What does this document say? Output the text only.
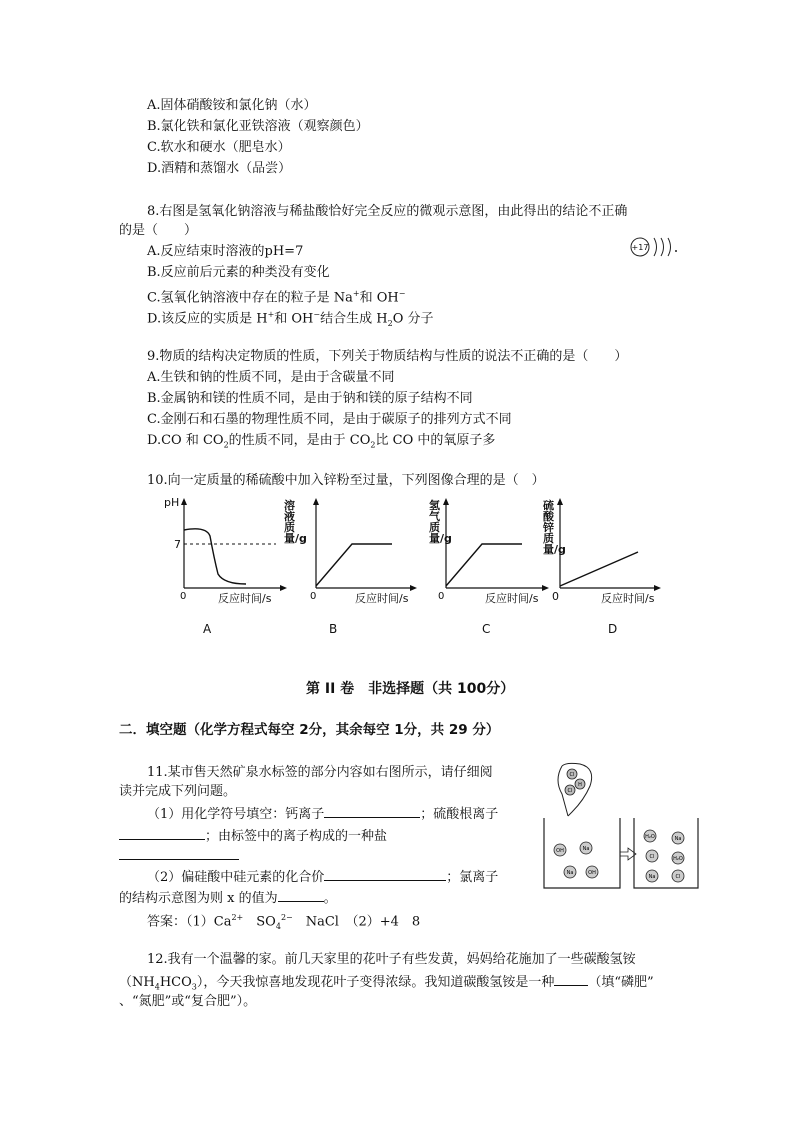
A.固体硝酸铵和氯化钠（水）
B.氯化铁和氯化亚铁溶液（观察颜色）
C.软水和硬水（肥皂水）
D.酒精和蒸馏水（品尝）
8.右图是氢氧化钠溶液与稀盐酸恰好完全反应的微观示意图，由此得出的结论不正确
的是（　　）
A.反应结束时溶液的pH=7
B.反应前后元素的种类没有变化
C.氢氧化钠溶液中存在的粒子是 Na+和 OH−
D.该反应的实质是 H+和 OH−结合生成 $H_2O$ 分子
+17
9.物质的结构决定物质的性质，下列关于物质结构与性质的说法不正确的是（　　）
A.生铁和钠的性质不同，是由于含碳量不同
B.金属钠和镁的性质不同，是由于钠和镁的原子结构不同
C.金刚石和石墨的物理性质不同，是由于碳原子的排列方式不同
D.CO 和 $CO_2$的性质不同，是由于 $CO_2$比 CO 中的氧原子多
10.向一定质量的稀硫酸中加入锌粉至过量，下列图像合理的是（　）
pH
7
0	反应时间/s
A
0
溶液质量/g
反应时间/s
B
0
氢气质量/g
反应时间/s
C
硫酸锌质量/g
0	反应时间/s
D
第 II 卷　非选择题（共 100分）
二．填空题（化学方程式每空 2分，其余每空 1分，共 29 分）
11.某市售天然矿泉水标签的部分内容如右图所示，请仔细阅
读并完成下列问题。
（1）用化学符号填空：钙离子	；硫酸根离子
；由标签中的离子构成的一种盐
（2）偏硅酸中硅元素的化合价	；氯离子
的结构示意图为则 x 的值为	。
答案：$(1)Ca^{2+}$　$SO_4^{2-}$　NaCl　（2）+4　8
Cl
H
Cl
OH	Na
Na	OH
H₂O	Na
Cl	H₂O
Na	Cl
12.我有一个温馨的家。前几天家里的花叶子有些发黄，妈妈给花施加了一些碳酸氢铵
$(NH_4HCO_3)$，今天我惊喜地发现花叶子变得浓绿。我知道碳酸氢铵是一种	（填“磷肥”
、“氮肥”或“复合肥”）。
